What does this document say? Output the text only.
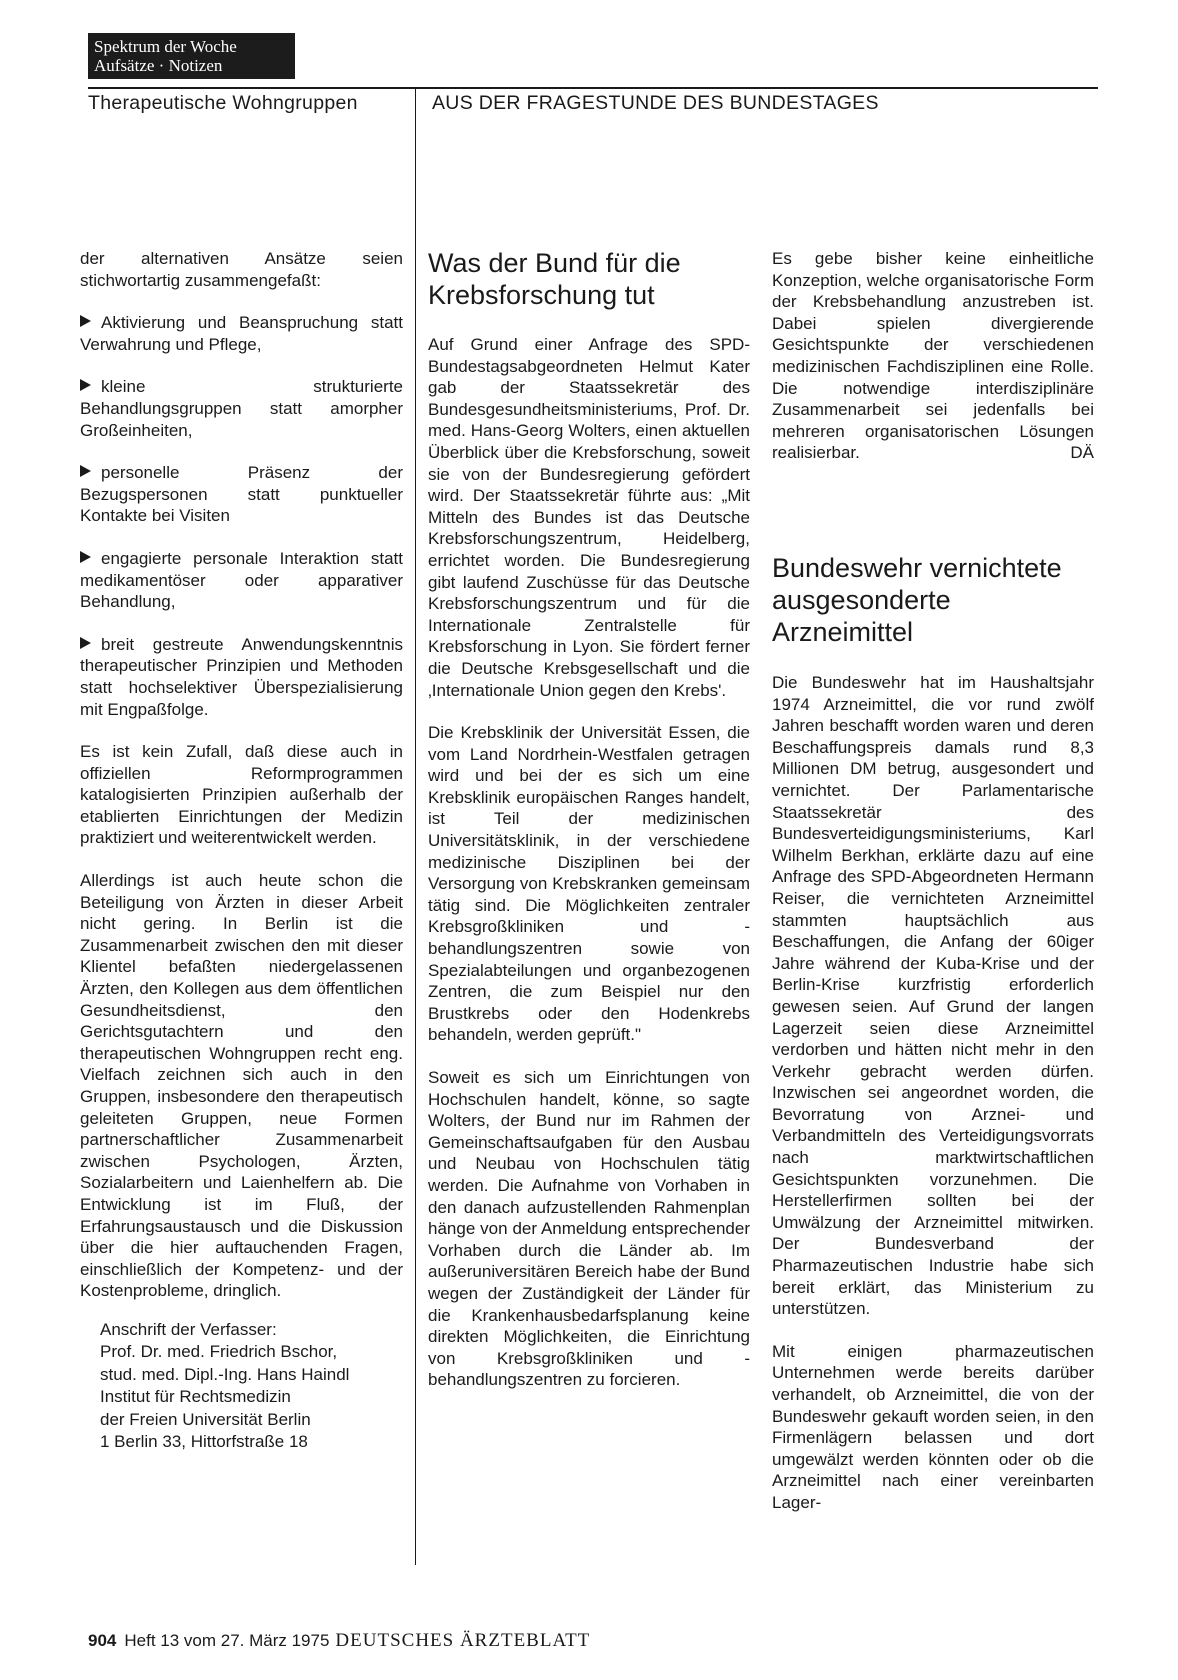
Spektrum der Woche
Aufsätze · Notizen
Therapeutische Wohngruppen	AUS DER FRAGESTUNDE DES BUNDESTAGES

der alternativen Ansätze seien stichwortartig zusammengefaßt:

Aktivierung und Beanspruchung statt Verwahrung und Pflege,

kleine strukturierte Behandlungsgruppen statt amorpher Großeinheiten,

personelle Präsenz der Bezugspersonen statt punktueller Kontakte bei Visiten

engagierte personale Interaktion statt medikamentöser oder apparativer Behandlung,

breit gestreute Anwendungskenntnis therapeutischer Prinzipien und Methoden statt hochselektiver Überspezialisierung mit Engpaßfolge.

Es ist kein Zufall, daß diese auch in offiziellen Reformprogrammen katalogisierten Prinzipien außerhalb der etablierten Einrichtungen der Medizin praktiziert und weiterentwickelt werden.

Allerdings ist auch heute schon die Beteiligung von Ärzten in dieser Arbeit nicht gering. In Berlin ist die Zusammenarbeit zwischen den mit dieser Klientel befaßten niedergelassenen Ärzten, den Kollegen aus dem öffentlichen Gesundheitsdienst, den Gerichtsgutachtern und den therapeutischen Wohngruppen recht eng. Vielfach zeichnen sich auch in den Gruppen, insbesondere den therapeutisch geleiteten Gruppen, neue Formen partnerschaftlicher Zusammenarbeit zwischen Psychologen, Ärzten, Sozialarbeitern und Laienhelfern ab. Die Entwicklung ist im Fluß, der Erfahrungsaustausch und die Diskussion über die hier auftauchenden Fragen, einschließlich der Kompetenz- und der Kostenprobleme, dringlich.

Anschrift der Verfasser:
Prof. Dr. med. Friedrich Bschor,
stud. med. Dipl.-Ing. Hans Haindl
Institut für Rechtsmedizin
der Freien Universität Berlin
1 Berlin 33, Hittorfstraße 18
Was der Bund für die Krebsforschung tut

Auf Grund einer Anfrage des SPD-Bundestagsabgeordneten Helmut Kater gab der Staatssekretär des Bundesgesundheitsministeriums, Prof. Dr. med. Hans-Georg Wolters, einen aktuellen Überblick über die Krebsforschung, soweit sie von der Bundesregierung gefördert wird. Der Staatssekretär führte aus: „Mit Mitteln des Bundes ist das Deutsche Krebsforschungszentrum, Heidelberg, errichtet worden. Die Bundesregierung gibt laufend Zuschüsse für das Deutsche Krebsforschungszentrum und für die Internationale Zentralstelle für Krebsforschung in Lyon. Sie fördert ferner die Deutsche Krebsgesellschaft und die ‚Internationale Union gegen den Krebs'.

Die Krebsklinik der Universität Essen, die vom Land Nordrhein-Westfalen getragen wird und bei der es sich um eine Krebsklinik europäischen Ranges handelt, ist Teil der medizinischen Universitätsklinik, in der verschiedene medizinische Disziplinen bei der Versorgung von Krebskranken gemeinsam tätig sind. Die Möglichkeiten zentraler Krebsgroßkliniken und -behandlungszentren sowie von Spezialabteilungen und organbezogenen Zentren, die zum Beispiel nur den Brustkrebs oder den Hodenkrebs behandeln, werden geprüft."

Soweit es sich um Einrichtungen von Hochschulen handelt, könne, so sagte Wolters, der Bund nur im Rahmen der Gemeinschaftsaufgaben für den Ausbau und Neubau von Hochschulen tätig werden. Die Aufnahme von Vorhaben in den danach aufzustellenden Rahmenplan hänge von der Anmeldung entsprechender Vorhaben durch die Länder ab. Im außeruniversitären Bereich habe der Bund wegen der Zuständigkeit der Länder für die Krankenhausbedarfsplanung keine direkten Möglichkeiten, die Einrichtung von Krebsgroßkliniken und -behandlungszentren zu forcieren.

Es gebe bisher keine einheitliche Konzeption, welche organisatorische Form der Krebsbehandlung anzustreben ist. Dabei spielen divergierende Gesichtspunkte der verschiedenen medizinischen Fachdisziplinen eine Rolle. Die notwendige interdisziplinäre Zusammenarbeit sei jedenfalls bei mehreren organisatorischen Lösungen realisierbar.	DÄ

Bundeswehr vernichtete ausgesonderte Arzneimittel

Die Bundeswehr hat im Haushaltsjahr 1974 Arzneimittel, die vor rund zwölf Jahren beschafft worden waren und deren Beschaffungspreis damals rund 8,3 Millionen DM betrug, ausgesondert und vernichtet. Der Parlamentarische Staatssekretär des Bundesverteidigungsministeriums, Karl Wilhelm Berkhan, erklärte dazu auf eine Anfrage des SPD-Abgeordneten Hermann Reiser, die vernichteten Arzneimittel stammten hauptsächlich aus Beschaffungen, die Anfang der 60iger Jahre während der Kuba-Krise und der Berlin-Krise kurzfristig erforderlich gewesen seien. Auf Grund der langen Lagerzeit seien diese Arzneimittel verdorben und hätten nicht mehr in den Verkehr gebracht werden dürfen. Inzwischen sei angeordnet worden, die Bevorratung von Arznei- und Verbandmitteln des Verteidigungsvorrats nach marktwirtschaftlichen Gesichtspunkten vorzunehmen. Die Herstellerfirmen sollten bei der Umwälzung der Arzneimittel mitwirken. Der Bundesverband der Pharmazeutischen Industrie habe sich bereit erklärt, das Ministerium zu unterstützen.

Mit einigen pharmazeutischen Unternehmen werde bereits darüber verhandelt, ob Arzneimittel, die von der Bundeswehr gekauft worden seien, in den Firmenlägern belassen und dort umgewälzt werden könnten oder ob die Arzneimittel nach einer vereinbarten Lager-

904 Heft 13 vom 27. März 1975 DEUTSCHES ÄRZTEBLATT
